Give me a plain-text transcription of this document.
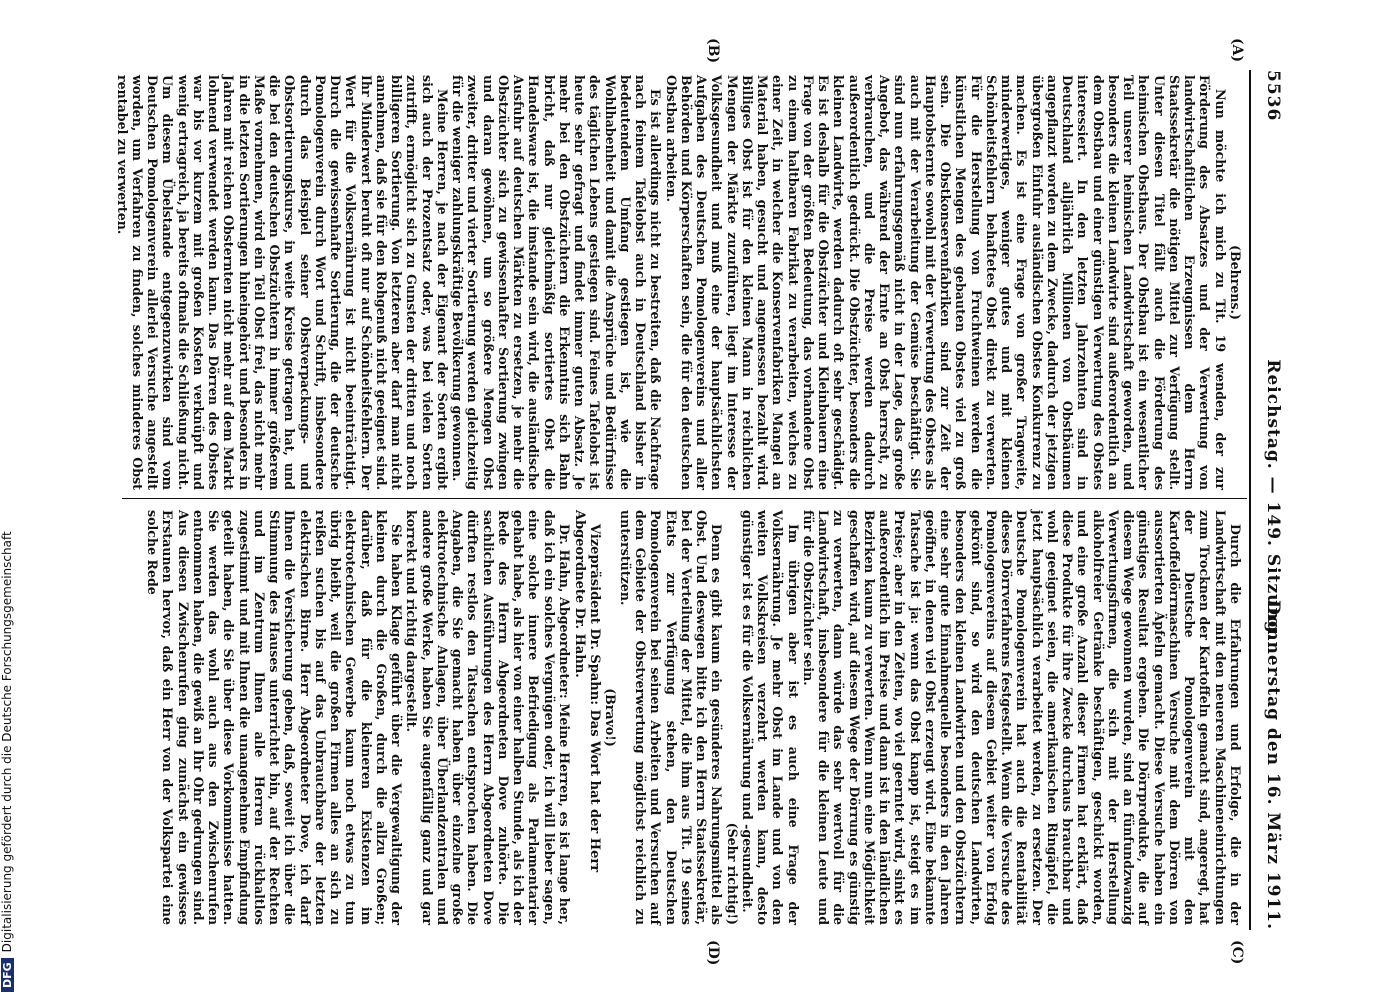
5536
Reichstag. — 149. Sitzung.
Donnerstag den 16. März 1911.
(A)
(B)
(C)
(D)

(Behrens.)

Nun möchte ich mich zu Tit. 19 wenden, der zur Förderung des Absatzes und der Verwertung von landwirtschaftlichen Erzeugnissen dem Herrn Staatssekretär die nötigen Mittel zur Verfügung stellt. Unter diesen Titel fällt auch die Förderung des heimischen Obstbaus. Der Obstbau ist ein wesentlicher Teil unserer heimischen Landwirtschaft geworden, und besonders die kleinen Landwirte sind außerordentlich an dem Obstbau und einer günstigen Verwertung des Obstes interessiert. In den letzten Jahrzehnten sind in Deutschland alljährlich Millionen von Obstbäumen angepflanzt worden zu dem Zwecke, dadurch der jetzigen übergroßen Einfuhr ausländischen Obstes Konkurrenz zu machen. Es ist eine Frage von großer Tragweite, minderwertiges, weniger gutes und mit kleinen Schönheitsfehlern behaftetes Obst direkt zu verwerten. Für die Herstellung von Fruchtweinen werden die künstlichen Mengen des gebauten Obstes viel zu groß sein. Die Obstkonservenfabriken sind zur Zeit der Hauptobsternte sowohl mit der Verwertung des Obstes als auch mit der Verarbeitung der Gemüse beschäftigt. Sie sind nun erfahrungsgemäß nicht in der Lage, das große Angebot, das während der Ernte an Obst herrscht, zu verbrauchen, und die Preise werden dadurch außerordentlich gedrückt. Die Obstzüchter, besonders die kleinen Landwirte, werden dadurch oft sehr geschädigt. Es ist deshalb für die Obstzüchter und Kleinbauern eine Frage von der größten Bedeutung, das vorhandene Obst zu einem haltbaren Fabrikat zu verarbeiten, welches zu einer Zeit, in welcher die Konservenfabriken Mangel an Material haben, gesucht und angemessen bezahlt wird. Billiges Obst ist für den kleinen Mann in reichlichen Mengen der Märkte zuzuführen, liegt im Interesse der Volksgesundheit und muß eine der hauptsächlichsten Aufgaben des Deutschen Pomologenvereins und aller Behörden und Körperschaften sein, die für den deutschen Obstbau arbeiten.

Es ist allerdings nicht zu bestreiten, daß die Nachfrage nach feinem Tafelobst auch in Deutschland bisher in bedeutendem Umfang gestiegen ist, wie die Wohlhabenheit und damit die Ansprüche und Bedürfnisse des täglichen Lebens gestiegen sind. Feines Tafelobst ist heute sehr gefragt und findet immer guten Absatz. Je mehr bei den Obstzüchtern die Erkenntnis sich Bahn bricht, daß nur gleichmäßig sortiertes Obst die Handelsware ist, die imstande sein wird, die ausländische Ausfuhr auf deutschen Märkten zu ersetzen, je mehr die Obstzüchter sich zu gewissenhafter Sortierung zwingen und daran gewöhnen, um so größere Mengen Obst zweiter, dritter und vierter Sortierung werden gleichzeitig für die weniger zahlungskräftige Bevölkerung gewonnen.

Meine Herren, je nach der Eigenart der Sorten ergibt sich auch der Prozentsatz oder, was bei vielen Sorten zutrifft, ermöglicht sich zu Gunsten der dritten und noch billigeren Sortierung. Von letzteren aber darf man nicht annehmen, daß sie für den Rohgenuß nicht geeignet sind. Ihr Minderwert beruht oft nur auf Schönheitsfehlern. Der Wert für die Volksernährung ist nicht beeinträchtigt. Durch die gewissenhafte Sortierung, die der deutsche Pomologenverein durch Wort und Schrift, insbesondere durch das Beispiel seiner Obstverpackungs- und Obstsortierungskurse, in weite Kreise getragen hat, und die bei den deutschen Obstzüchtern in immer größerem Maße vornehmen, wird ein Teil Obst frei, das nicht mehr in die letzten Sortierungen hineingehört und besonders in Jahren mit reichen Obsternten nicht mehr auf dem Markt lohnend verwendet werden kann. Das Dörren des Obstes war bis vor kurzem mit großen Kosten verknüpft und wenig ertragreich, ja bereits oftmals die Schließung nicht. Um diesem Übelstande entgegenzuwirken sind vom Deutschen Pomologenverein allerlei Versuche angestellt worden, um Verfahren zu finden, solches minderes Obst rentabel zu verwerten.

Durch die Erfahrungen und Erfolge, die in der Landwirtschaft mit den neueren Maschineneinrichtungen zum Trocknen der Kartoffeln gemacht sind, angeregt, hat der Deutsche Pomologenverein mit den Kartoffeldörrmaschinen Versuche mit dem Dörren von aussortierten Äpfeln gemacht. Diese Versuche haben ein günstiges Resultat ergeben. Die Dörrprodukte, die auf diesem Wege gewonnen wurden, sind an fünfundzwanzig Verwertungsfirmen, die sich mit der Herstellung alkoholfreier Getränke beschäftigen, geschickt worden, und eine große Anzahl dieser Firmen hat erklärt, daß diese Produkte für ihre Zwecke durchaus brauchbar und wohl geeignet seien, die amerikanischen Ringäpfel, die jetzt hauptsächlich verarbeitet werden, zu ersetzen. Der Deutsche Pomologenverein hat auch die Rentabilität dieses Dörrverfahrens festgestellt. Wenn die Versuche des Pomologenvereins auf diesem Gebiet weiter von Erfolg gekrönt sind, so wird den deutschen Landwirten, besonders den kleinen Landwirten und den Obstzüchtern eine sehr gute Einnahmequelle besonders in den Jahren geöffnet, in denen viel Obst erzeugt wird. Eine bekannte Tatsache ist ja: wenn das Obst knapp ist, steigt es im Preise; aber in den Zeiten, wo viel geerntet wird, sinkt es außerordentlich im Preise und dann ist in den ländlichen Bezirken kaum zu verwerten. Wenn nun eine Möglichkeit geschaffen wird, auf diesem Wege der Dörrung es günstig zu verwerten, dann würde das sehr wertvoll für die Landwirtschaft, insbesondere für die kleinen Leute und für die Obstzüchter sein.

Im übrigen aber ist es auch eine Frage der Volksernährung. Je mehr Obst im Lande und von den weiten Volkskreisen verzehrt werden kann, desto günstiger ist es für die Volksernährung und -gesundheit.

(Sehr richtig!)

Denn es gibt kaum ein gesünderes Nahrungsmittel als Obst. Und deswegen bitte ich den Herrn Staatssekretär, bei der Verteilung der Mittel, die ihm aus Tit. 19 seines Etats zur Verfügung stehen, den Deutschen Pomologenverein bei seinen Arbeiten und Versuchen auf dem Gebiete der Obstverwertung möglichst reichlich zu unterstützen.

(Bravo!)

Vizepräsident Dr. Spahn: Das Wort hat der Herr Abgeordnete Dr. Hahn.

Dr. Hahn, Abgeordneter: Meine Herren, es ist lange her, daß ich ein solches Vergnügen oder, ich will lieber sagen, eine solche innere Befriedigung als Parlamentarier gehabt habe, als hier von einer halben Stunde, als ich der Rede des Herrn Abgeordneten Dove zuhörte. Die sachlichen Ausführungen des Herrn Abgeordneten Dove dürften restlos den Tatsachen entsprochen haben. Die Angaben, die Sie gemacht haben über einzelne große elektrotechnische Anlagen, über Überlandzentralen und andere große Werke, haben Sie augenfällig ganz und gar korrekt und richtig dargestellt.

Sie haben Klage geführt über die Vergewaltigung der kleinen durch die Großen, durch die allzu Großen; darüber, daß für die kleineren Existenzen im elektrotechnischen Gewerbe kaum noch etwas zu tun übrig bleibt, weil die großen Firmen alles an sich zu reißen suchen bis auf das Unbrauchbare der letzten elektrischen Birne. Herr Abgeordneter Dove, ich darf Ihnen die Versicherung geben, daß, soweit ich über die Stimmung des Hauses unterrichtet bin, auf der Rechten und im Zentrum Ihnen alle Herren rückhaltlos zugestimmt und mit Ihnen die unangenehme Empfindung geteilt haben, die Sie über diese Vorkommnisse hatten. Sie werden das wohl auch aus den Zwischenrufen entnommen haben, die gewiß an Ihr Ohr gedrungen sind. Aus diesen Zwischenrufen ging zunächst ein gewisses Erstaunen hervor, daß ein Herr von der Volkspartei eine solche Rede

DFGDigitalisierung gefördert durch die Deutsche Forschungsgemeinschaft
